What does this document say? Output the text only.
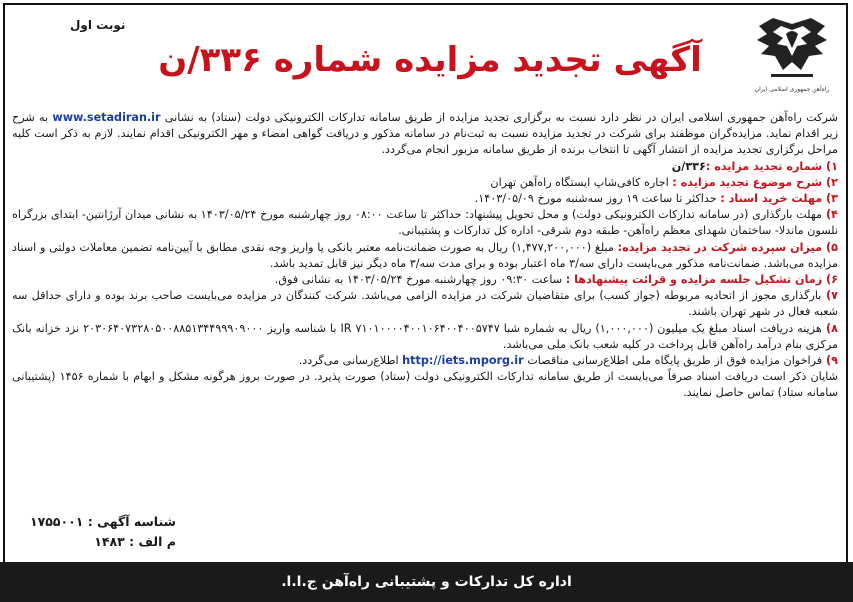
نوبت اول
راه‌آهن جمهوری اسلامی ایران
آگهی تجدید مزایده شماره ۳۳۶/ن

شرکت راه‌آهن جمهوری اسلامی ایران در نظر دارد نسبت به برگزاری تجدید مزایده از طریق سامانه تدارکات الکترونیکی دولت (ستاد) به نشانی www.setadiran.ir به شرح زیر اقدام نماید. مزایده‌گران موظفند برای شرکت در تجدید مزایده نسبت به ثبت‌نام در سامانه مذکور و دریافت گواهی امضاء و مهر الکترونیکی اقدام نمایند. لازم به ذکر است کلیه مراحل برگزاری تجدید مزایده از انتشار آگهی تا انتخاب برنده از طریق سامانه مزبور انجام می‌گردد.

۱) شماره تجدید مزایده :۳۳۶/ن

۲) شرح موضوع تجدید مزایده : اجاره کافی‌شاپ ایستگاه راه‌آهن تهران

۳) مهلت خرید اسناد : حداکثر تا ساعت ۱۹ روز سه‌شنبه مورخ ۱۴۰۳/۰۵/۰۹.

۴) مهلت بارگذاری (در سامانه تدارکات الکترونیکی دولت) و محل تحویل پیشنهاد: حداکثر تا ساعت ۰۸:۰۰ روز چهارشنبه مورخ ۱۴۰۳/۰۵/۲۴ به نشانی میدان آرژانتین- ابتدای بزرگراه نلسون ماندلا- ساختمان شهدای معظم راه‌آهن- طبقه دوم شرقی- اداره کل تدارکات و پشتیبانی.

۵) میزان سپرده شرکت در تجدید مزایده: مبلغ (۱,۴۷۷,۲۰۰,۰۰۰) ریال به صورت ضمانت‌نامه معتبر بانکی یا واریز وجه نقدی مطابق با آیین‌نامه تضمین معاملات دولتی و اسناد مزایده می‌باشد. ضمانت‌نامه مذکور می‌بایست دارای سه/۳ ماه اعتبار بوده و برای مدت سه/۳ ماه دیگر نیز قابل تمدید باشد.

۶) زمان تشکیل جلسه مزایده و قرائت پیشنهادها : ساعت ۰۹:۳۰ روز چهارشنبه مورخ ۱۴۰۳/۰۵/۲۴ به نشانی فوق.

۷) بارگذاری مجوز از اتحادیه مربوطه (جواز کسب) برای متقاضیان شرکت در مزایده الزامی می‌باشد. شرکت کنندگان در مزایده می‌بایست صاحب برند بوده و دارای حداقل سه شعبه فعال در شهر تهران باشند.

۸) هزینه دریافت اسناد مبلغ یک میلیون (۱,۰۰۰,۰۰۰) ریال به شماره شبا IR ۷۱۰۱۰۰۰۰۴۰۰۱۰۶۴۰۰۴۰۰۵۷۴۷ با شناسه واریز ۲۰۳۰۶۴۰۷۳۲۸۰۵۰۰۸۸۵۱۳۴۴۹۹۹۰۹۰۰۰ نزد خزانه بانک مرکزی بنام درآمد راه‌آهن قابل پرداخت در کلیه شعب بانک ملی می‌باشد.

۹) فراخوان مزایده فوق از طریق پایگاه ملی اطلاع‌رسانی مناقصات http://iets.mporg.ir اطلاع‌رسانی می‌گردد.

شایان ذکر است دریافت اسناد صرفاً می‌بایست از طریق سامانه تدارکات الکترونیکی دولت (ستاد) صورت پذیرد. در صورت بروز هرگونه مشکل و ابهام با شماره ۱۴۵۶ (پشتیبانی سامانه ستاد) تماس حاصل نمایند.

شناسه آگهی : ۱۷۵۵۰۰۱
م الف : ۱۴۸۳
اداره کل تدارکات و پشتیبانی راه‌آهن ج.ا.ا.
